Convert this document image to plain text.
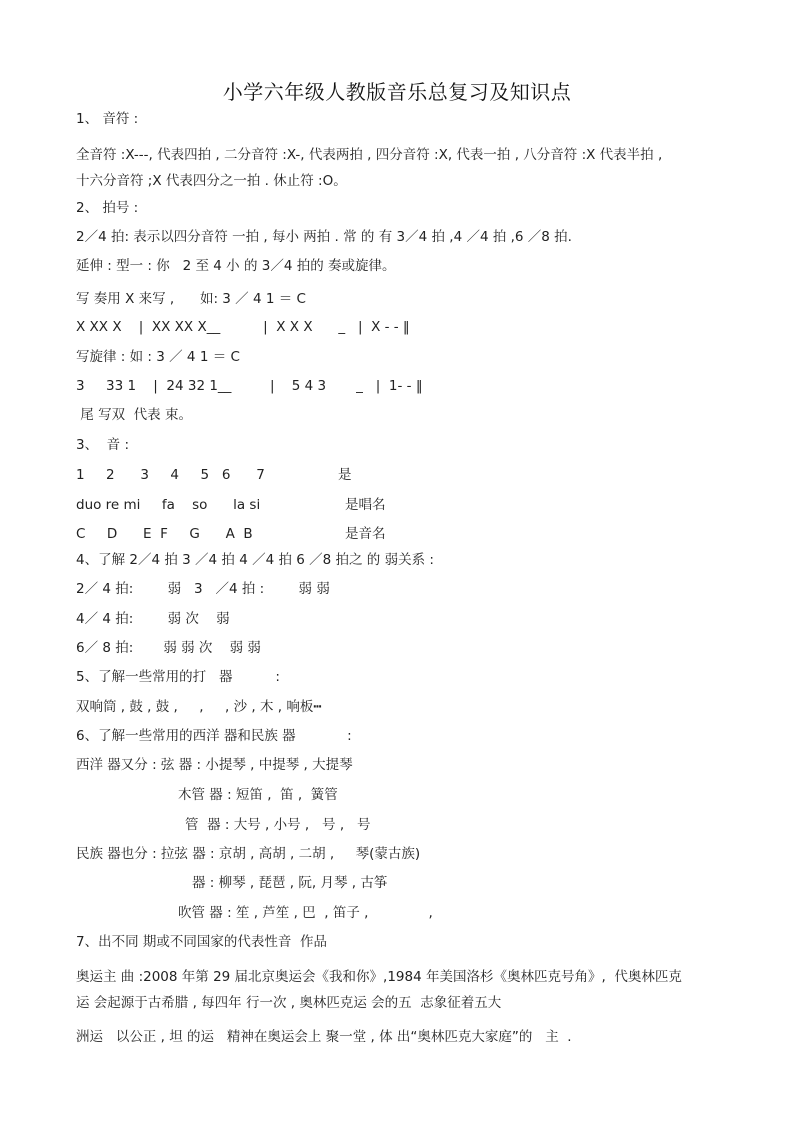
小学六年级人教版音乐总复习及知识点
1、 音符 :
全音符 :X---, 代表四拍 , 二分音符 :X-, 代表两拍 , 四分音符 :X, 代表一拍 , 八分音符 :X 代表半拍 ,
十六分音符 ;X 代表四分之一拍 . 休止符 :O。
2、 拍号 :
2／4 拍: 表示以四分音符 一拍 , 每小 两拍 . 常 的 有 3／4 拍 ,4 ／4 拍 ,6 ／8 拍.
延伸 : 型一 : 你   2 至 4 小 的 3／4 拍的 奏或旋律。
写 奏用 X 来写 ,      如: 3 ／ 4 1 ＝ C
X XX X    |  XX XX X__          |  X X X      _   |  X - - ‖
写旋律 : 如 : 3 ／ 4 1 ＝ C
3     33 1    |  24 32 1__         |    5 4 3       _   |  1- - ‖
尾 写双  代表 束。
3、  音 :
1     2      3     4     5   6      7	是
duo re mi     fa    so      la si	是唱名
C     D      E  F     G      A  B	是音名
4、了解 2／4 拍 3 ／4 拍 4 ／4 拍 6 ／8 拍之 的 弱关系 :
2／ 4 拍:        弱   3   ／4 拍 :        弱 弱
4／ 4 拍:        弱 次    弱
6／ 8 拍:       弱 弱 次    弱 弱
5、了解一些常用的打   器          :
双响筒 , 鼓 , 鼓 ,     ,     , 沙 , 木 , 响板┅
6、了解一些常用的西洋 器和民族 器            :
西洋 器又分 : 弦 器 : 小提琴 , 中提琴 , 大提琴
木管 器 : 短笛 ,  笛 ,  簧管
管  器 : 大号 , 小号 ,   号 ,   号
民族 器也分 : 拉弦 器 : 京胡 , 高胡 , 二胡 ,     琴(蒙古族)
器 : 柳琴 , 琵琶 , 阮, 月琴 , 古筝
吹管 器 : 笙 , 芦笙 , 巴  , 笛子 ,              ,
7、出不同 期或不同国家的代表性音  作品
奥运主 曲 :2008 年第 29 届北京奥运会《我和你》,1984 年美国洛杉《奥林匹克号角》,  代奥林匹克
运 会起源于古希腊 , 每四年 行一次 , 奥林匹克运 会的五  志象征着五大
洲运   以公正 , 坦 的运   精神在奥运会上 聚一堂 , 体 出“奥林匹克大家庭”的   主  .
